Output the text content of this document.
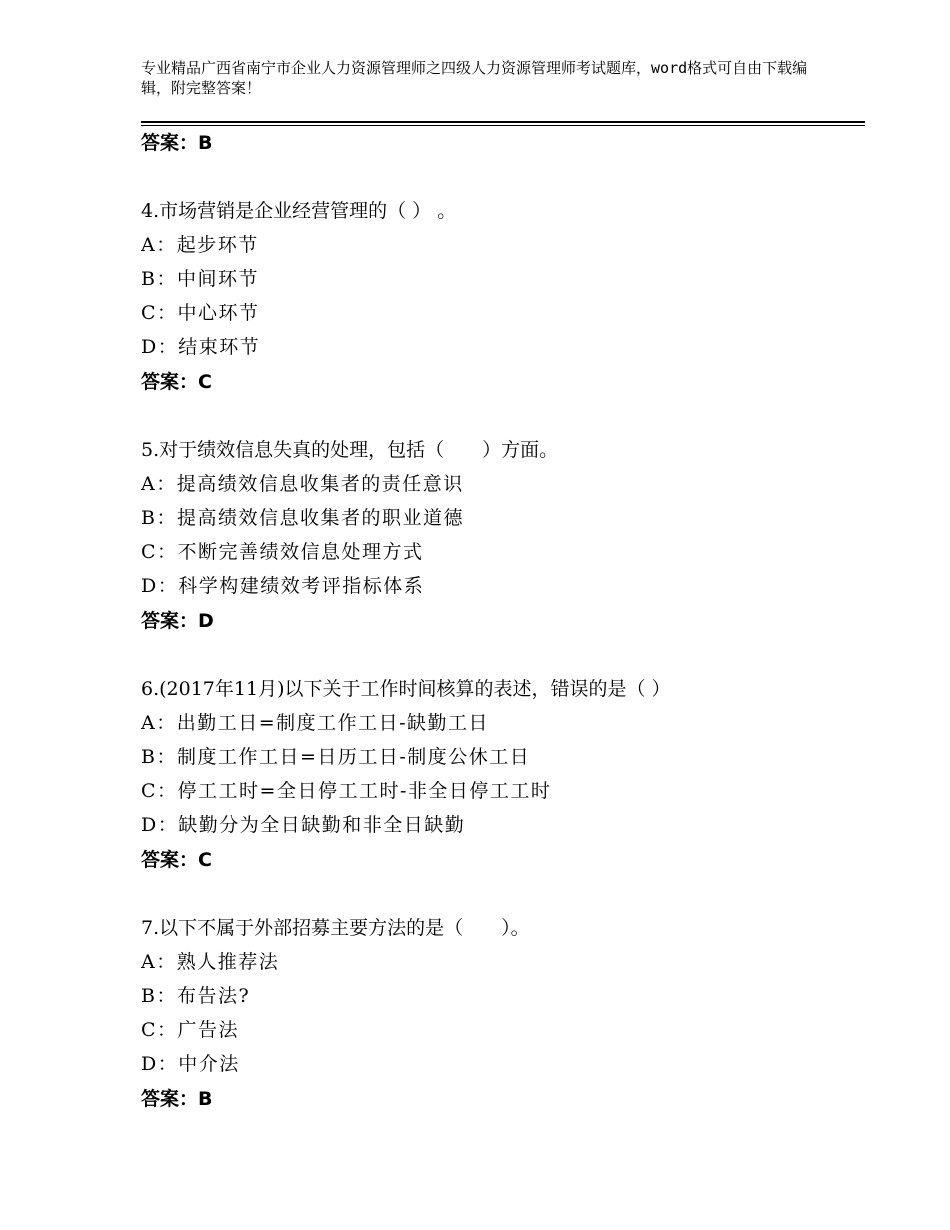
专业精品广西省南宁市企业人力资源管理师之四级人力资源管理师考试题库，word格式可自由下载编辑，附完整答案！
答案：B
4.市场营销是企业经营管理的（ ） 。
A：起步环节
B：中间环节
C：中心环节
D：结束环节
答案：C
5.对于绩效信息失真的处理，包括（　　）方面。
A：提高绩效信息收集者的责任意识
B：提高绩效信息收集者的职业道德
C：不断完善绩效信息处理方式
D：科学构建绩效考评指标体系
答案：D
6.(2017年11月)以下关于工作时间核算的表述，错误的是（ ）
A：出勤工日=制度工作工日-缺勤工日
B：制度工作工日=日历工日-制度公休工日
C：停工工时=全日停工工时-非全日停工工时
D：缺勤分为全日缺勤和非全日缺勤
答案：C
7.以下不属于外部招募主要方法的是（　　）。
A：熟人推荐法
B：布告法?
C：广告法
D：中介法
答案：B
